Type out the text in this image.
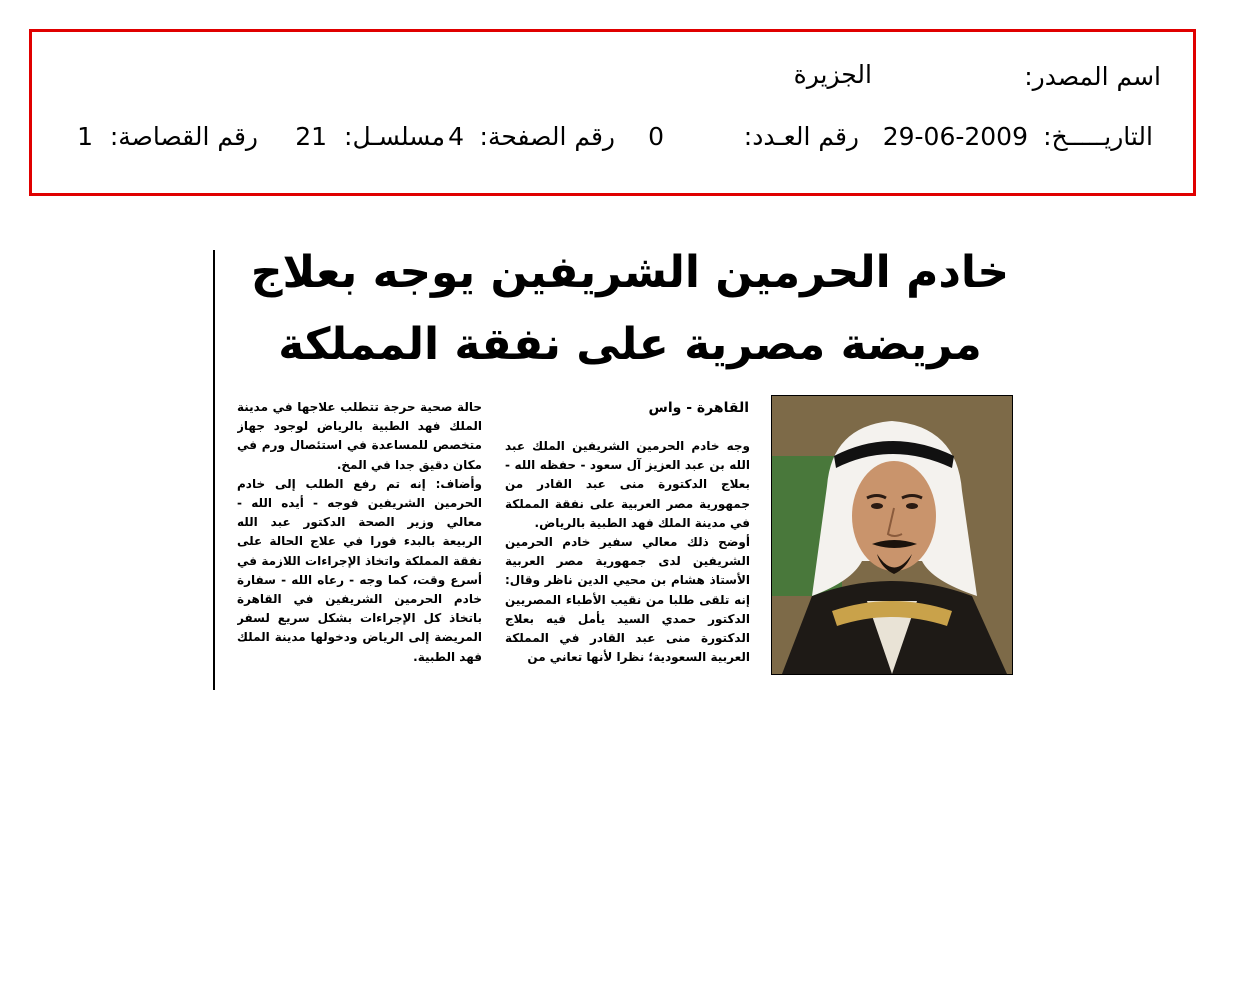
اسم المصدر:
الجزيرة
التاريـــــخ:
29-06-2009
رقم العـدد:
0
رقم الصفحة:
4
مسلسـل:
21
رقم القصاصة:
1
خادم الحرمين الشريفين يوجه بعلاج
مريضة مصرية على نفقة المملكة
القاهرة - واس

وجه خادم الحرمين الشريفين الملك عبد الله بن عبد العزيز آل سعود - حفظه الله - بعلاج الدكتورة منى عبد القادر من جمهورية مصر العربية على نفقة المملكة في مدينة الملك فهد الطبية بالرياض.

أوضح ذلك معالي سفير خادم الحرمين الشريفين لدى جمهورية مصر العربية الأستاذ هشام بن محيي الدين ناظر وقال: إنه تلقى طلبا من نقيب الأطباء المصريين الدكتور حمدي السيد يأمل فيه بعلاج الدكتورة منى عبد القادر في المملكة العربية السعودية؛ نظرا لأنها تعاني من

حالة صحية حرجة تتطلب علاجها في مدينة الملك فهد الطبية بالرياض لوجود جهاز متخصص للمساعدة في استئصال ورم في مكان دقيق جدا في المخ.

وأضاف: إنه تم رفع الطلب إلى خادم الحرمين الشريفين فوجه - أيده الله - معالي وزير الصحة الدكتور عبد الله الربيعة بالبدء فورا في علاج الحالة على نفقة المملكة واتخاذ الإجراءات اللازمة في أسرع وقت، كما وجه - رعاه الله - سفارة خادم الحرمين الشريفين في القاهرة باتخاذ كل الإجراءات بشكل سريع لسفر المريضة إلى الرياض ودخولها مدينة الملك فهد الطبية.
